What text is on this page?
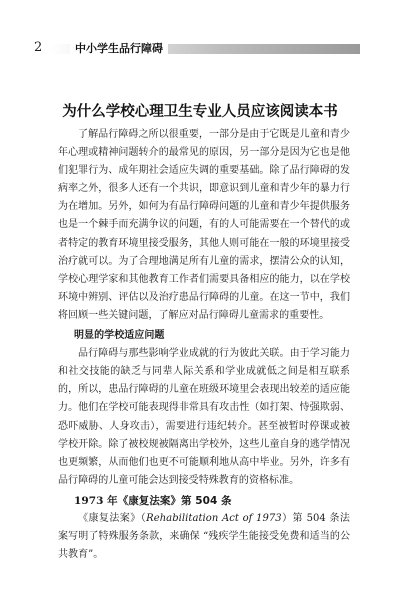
2	中小学生品行障碍
为什么学校心理卫生专业人员应该阅读本书

了解品行障碍之所以很重要，一部分是由于它既是儿童和青少年心理或精神问题转介的最常见的原因，另一部分是因为它也是他们犯罪行为、成年期社会适应失调的重要基础。除了品行障碍的发病率之外，很多人还有一个共识，即意识到儿童和青少年的暴力行为在增加。另外，如何为有品行障碍问题的儿童和青少年提供服务也是一个棘手而充满争议的问题，有的人可能需要在一个替代的或者特定的教育环境里接受服务，其他人则可能在一般的环境里接受治疗就可以。为了合理地满足所有儿童的需求，摆清公众的认知，学校心理学家和其他教育工作者们需要具备相应的能力，以在学校环境中辨别、评估以及治疗患品行障碍的儿童。在这一节中，我们将回顾一些关键问题，了解应对品行障碍儿童需求的重要性。

明显的学校适应问题

品行障碍与那些影响学业成就的行为彼此关联。由于学习能力和社交技能的缺乏与同辈人际关系和学业成就低之间是相互联系的，所以，患品行障碍的儿童在班级环境里会表现出较差的适应能力。他们在学校可能表现得非常具有攻击性（如打架、恃强欺弱、恐吓威胁、人身攻击），需要进行违纪转介。甚至被暂时停课或被学校开除。除了被校规被隔离出学校外，这些儿童自身的逃学情况也更频繁，从而他们也更不可能顺利地从高中毕业。另外，许多有品行障碍的儿童可能会达到接受特殊教育的资格标准。

1973 年《康复法案》第 504 条

《康复法案》（Rehabilitation Act of 1973）第 504 条法案写明了特殊服务条款，来确保 “残疾学生能接受免费和适当的公共教育”。
